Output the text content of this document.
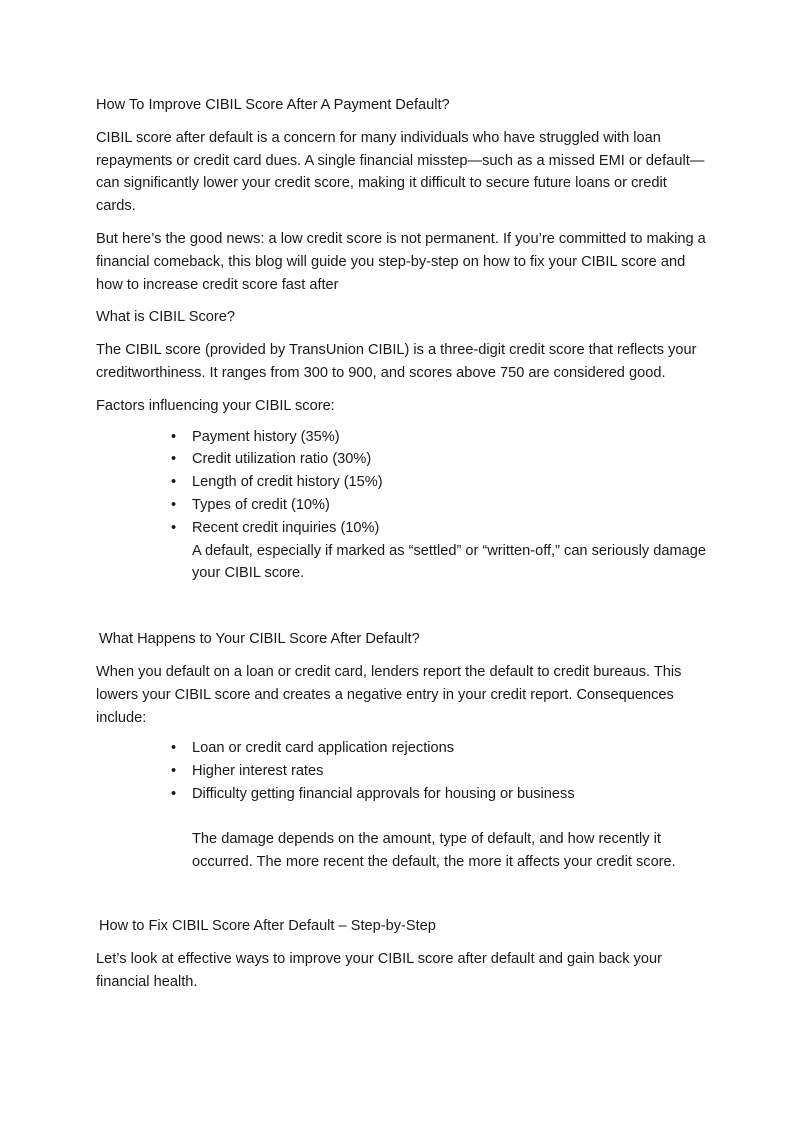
How To Improve CIBIL Score After A Payment Default?

CIBIL score after default is a concern for many individuals who have struggled with loan repayments or credit card dues. A single financial misstep—such as a missed EMI or default—can significantly lower your credit score, making it difficult to secure future loans or credit cards.

But here’s the good news: a low credit score is not permanent. If you’re committed to making a financial comeback, this blog will guide you step-by-step on how to fix your CIBIL score and how to increase credit score fast after

What is CIBIL Score?

The CIBIL score (provided by TransUnion CIBIL) is a three-digit credit score that reflects your creditworthiness. It ranges from 300 to 900, and scores above 750 are considered good.

Factors influencing your CIBIL score:

• Payment history (35%)
• Credit utilization ratio (30%)
• Length of credit history (15%)
• Types of credit (10%)
• Recent credit inquiries (10%)

A default, especially if marked as “settled” or “written-off,” can seriously damage your CIBIL score.

What Happens to Your CIBIL Score After Default?

When you default on a loan or credit card, lenders report the default to credit bureaus. This lowers your CIBIL score and creates a negative entry in your credit report. Consequences include:

• Loan or credit card application rejections
• Higher interest rates
• Difficulty getting financial approvals for housing or business

The damage depends on the amount, type of default, and how recently it occurred. The more recent the default, the more it affects your credit score.

How to Fix CIBIL Score After Default – Step-by-Step

Let’s look at effective ways to improve your CIBIL score after default and gain back your financial health.
